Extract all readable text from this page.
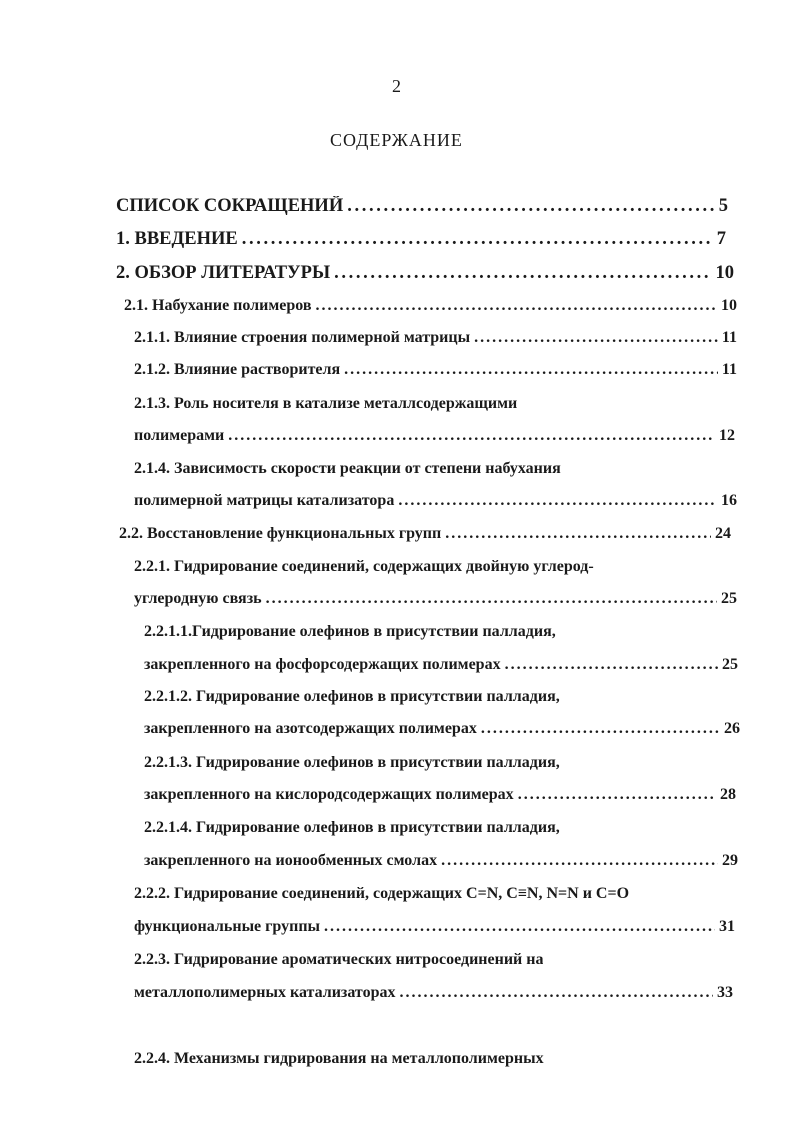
2
СОДЕРЖАНИЕ
СПИСОК СОКРАЩЕНИЙ . . .	5
1. ВВЕДЕНИЕ . . .	7
2. ОБЗОР ЛИТЕРАТУРЫ . . .	10
2.1. Набухание полимеров . . .	10
2.1.1. Влияние строения полимерной матрицы . . .	11
2.1.2. Влияние растворителя . . .	11
2.1.3. Роль носителя в катализе металлсодержащими
полимерами . . .	12
2.1.4. Зависимость скорости реакции от степени набухания
полимерной матрицы катализатора . . .	16
2.2. Восстановление функциональных групп . . .	24
2.2.1. Гидрирование соединений, содержащих двойную углерод-
углеродную связь . . .	25
2.2.1.1.Гидрирование олефинов в присутствии палладия,
закрепленного на фосфорсодержащих полимерах . . .	25
2.2.1.2. Гидрирование олефинов в присутствии палладия,
закрепленного на азотсодержащих полимерах . . .	26
2.2.1.3. Гидрирование олефинов в присутствии палладия,
закрепленного на кислородсодержащих полимерах . . .	28
2.2.1.4. Гидрирование олефинов в присутствии палладия,
закрепленного на ионообменных смолах . . .	29
2.2.2. Гидрирование соединений, содержащих C=N, C≡N, N=N и C=O
функциональные группы . . .	31
2.2.3. Гидрирование ароматических нитросоединений на
металлополимерных катализаторах . . .	33
2.2.4. Механизмы гидрирования на металлополимерных
